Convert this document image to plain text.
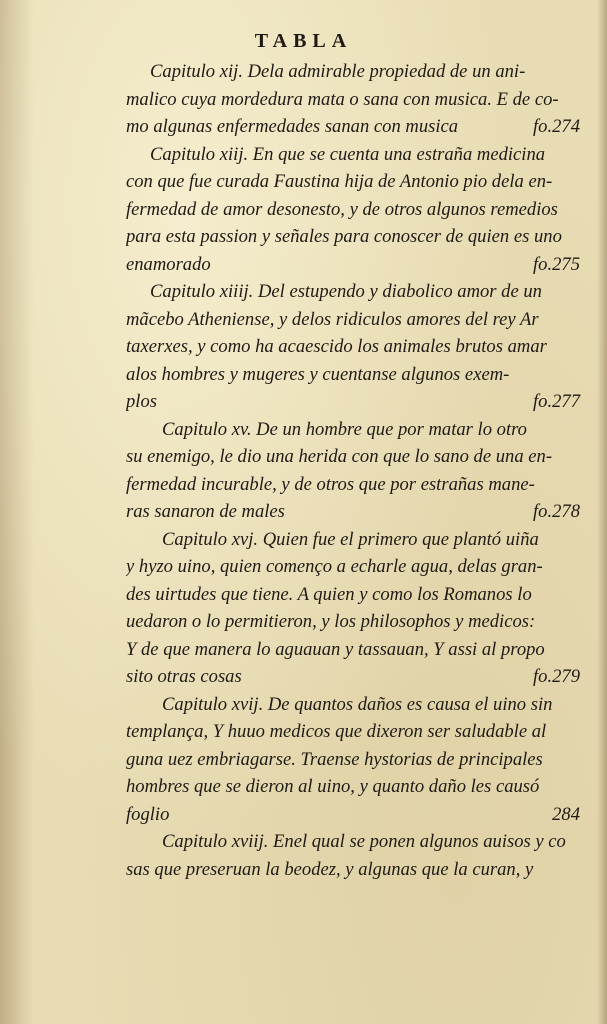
TABLA
Capitulo xij. Dela admirable propiedad de un ani-
malico cuya mordedura mata o sana con musica. E de co-
mo algunas enfermedades sanan con musica	fo.274
Capitulo xiij. En que se cuenta una estraña medicina
con que fue curada Faustina hija de Antonio pio dela en-
fermedad de amor desonesto, y de otros algunos remedios
para esta passion y señales para conoscer de quien es uno
enamorado	fo.275
Capitulo xiiij. Del estupendo y diabolico amor de un
mãcebo Atheniense, y delos ridiculos amores del rey Ar
taxerxes, y como ha acaescido los animales brutos amar
alos hombres y mugeres y cuentanse algunos exem-
plos	fo.277
Capitulo xv. De un hombre que por matar lo otro
su enemigo, le dio una herida con que lo sano de una en-
fermedad incurable, y de otros que por estrañas mane-
ras sanaron de males	fo.278
Capitulo xvj. Quien fue el primero que plantó uiña
y hyzo uino, quien començo a echarle agua, delas gran-
des uirtudes que tiene. A quien y como los Romanos lo
uedaron o lo permitieron, y los philosophos y medicos:
Y de que manera lo aguauan y tassauan, Y assi al propo
sito otras cosas	fo.279
Capitulo xvij. De quantos daños es causa el uino sin
templança, Y huuo medicos que dixeron ser saludable al
guna uez embriagarse. Traense hystorias de principales
hombres que se dieron al uino, y quanto daño les causó
foglio	284
Capitulo xviij. Enel qual se ponen algunos auisos y co
sas que preseruan la beodez, y algunas que la curan, y
